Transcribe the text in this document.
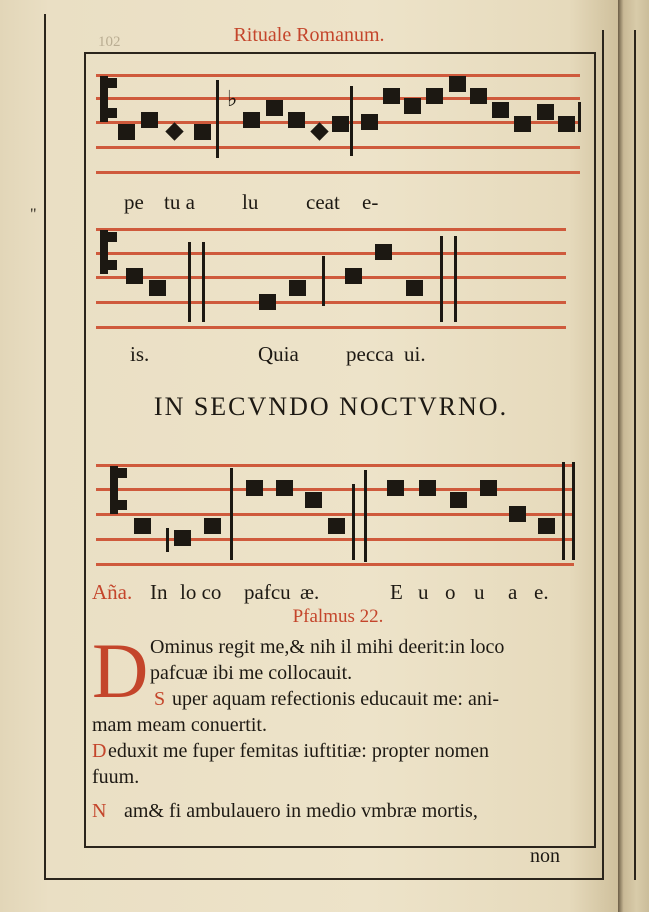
"
102	Rituale Romanum.
♭
pe tu a lu ceat e-
is.	Quia pecca ui.
IN SECVNDO NOCTVRNO.
Aña. In lo co pafcu æ.	E u o u a e.
Pfalmus 22.
D Ominus regit me,& nih il mihi deerit:in loco
pafcuæ ibi me collocauit.
S uper aquam refectionis educauit me: ani-
mam meam conuertit.
D eduxit me fuper femitas iuftitiæ: propter nomen
fuum.
N am& fi ambulauero in medio vmbræ mortis,
non
